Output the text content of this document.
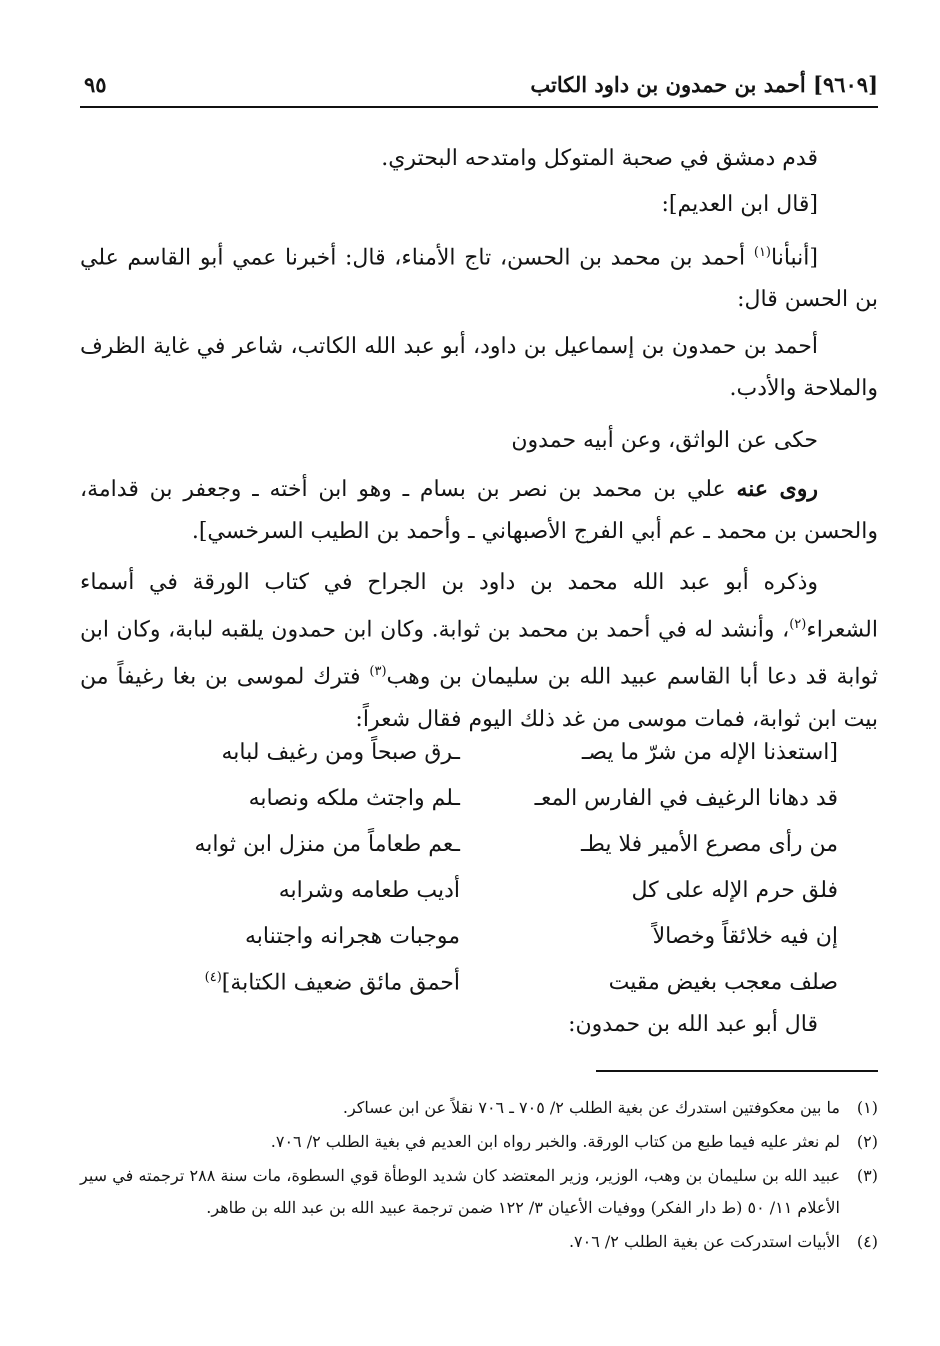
[٩٦٠٩] أحمد بن حمدون بن داود الكاتب
٩٥
قدم دمشق في صحبة المتوكل وامتدحه البحتري.
[قال ابن العديم]:
[أنبأنا$^{(١)}$ أحمد بن محمد بن الحسن، تاج الأمناء، قال: أخبرنا عمي أبو القاسم علي بن الحسن قال:
أحمد بن حمدون بن إسماعيل بن داود، أبو عبد الله الكاتب، شاعر في غاية الظرف والملاحة والأدب.
حكى عن الواثق، وعن أبيه حمدون
روى عنه علي بن محمد بن نصر بن بسام ـ وهو ابن أخته ـ وجعفر بن قدامة، والحسن بن محمد ـ عم أبي الفرج الأصبهاني ـ وأحمد بن الطيب السرخسي].
وذكره أبو عبد الله محمد بن داود بن الجراح في كتاب الورقة في أسماء الشعراء$^{(٢)}$، وأنشد له في أحمد بن محمد بن ثوابة. وكان ابن حمدون يلقبه لبابة، وكان ابن ثوابة قد دعا أبا القاسم عبيد الله بن سليمان بن وهب$^{(٣)}$ فترك لموسى بن بغا رغيفاً من بيت ابن ثوابة، فمات موسى من غد ذلك اليوم فقال شعراً:
[استعذنا الإله من شرّ ما يصـ
ـرق صبحاً ومن رغيف لبابه
قد دهانا الرغيف في الفارس المعـ
ـلم واجتث ملكه ونصابه
من رأى مصرع الأمير فلا يطـ
ـعم طعاماً من منزل ابن ثوابه
فلق حرم الإله على كل
أديب طعامه وشرابه
إن فيه خلائقاً وخصالاً
موجبات هجرانه واجتنابه
صلف معجب بغيض مقيت
أحمق مائق ضعيف الكتابة]$^{(٤)}$
قال أبو عبد الله بن حمدون:
(١)
ما بين معكوفتين استدرك عن بغية الطلب ٢/ ٧٠٥ ـ ٧٠٦ نقلاً عن ابن عساكر.
(٢)
لم نعثر عليه فيما طبع من كتاب الورقة. والخبر رواه ابن العديم في بغية الطلب ٢/ ٧٠٦.
(٣)
عبيد الله بن سليمان بن وهب، الوزير، وزير المعتضد كان شديد الوطأة قوي السطوة، مات سنة ٢٨٨ ترجمته في سير الأعلام ١١/ ٥٠ (ط دار الفكر) ووفيات الأعيان ٣/ ١٢٢ ضمن ترجمة عبيد الله بن عبد الله بن طاهر.
(٤)
الأبيات استدركت عن بغية الطلب ٢/ ٧٠٦.
